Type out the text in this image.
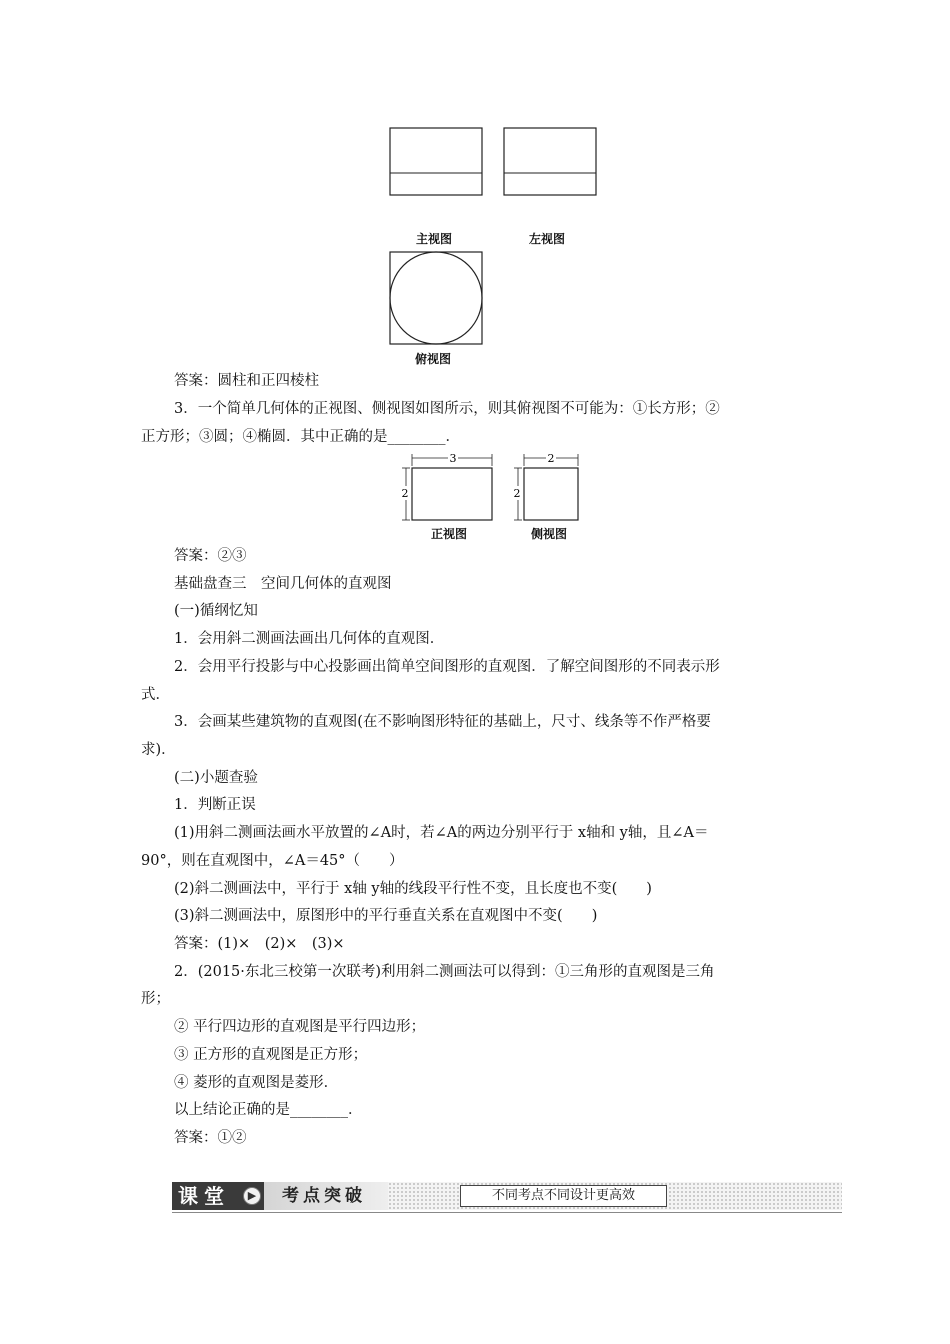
主视图	左视图
俯视图
答案：圆柱和正四棱柱
3．一个简单几何体的正视图、侧视图如图所示，则其俯视图不可能为：①长方形；②
正方形；③圆；④椭圆．其中正确的是________．
3
2
2
2
正视图	侧视图
答案：②③
基础盘查三　空间几何体的直观图
(一)循纲忆知
1．会用斜二测画法画出几何体的直观图．
2．会用平行投影与中心投影画出简单空间图形的直观图．了解空间图形的不同表示形
式．
3．会画某些建筑物的直观图(在不影响图形特征的基础上，尺寸、线条等不作严格要
求)．
(二)小题查验
1．判断正误
(1)用斜二测画法画水平放置的∠A时，若∠A的两边分别平行于 x轴和 y轴，且∠A＝
90°，则在直观图中，∠A＝45°（　　）
(2)斜二测画法中，平行于 x轴 y轴的线段平行性不变，且长度也不变(　　)
(3)斜二测画法中，原图形中的平行垂直关系在直观图中不变(　　)
答案：(1)×　(2)×　(3)×
2．(2015·东北三校第一次联考)利用斜二测画法可以得到：①三角形的直观图是三角
形；
② 平行四边形的直观图是平行四边形；
③ 正方形的直观图是正方形；
④ 菱形的直观图是菱形．
以上结论正确的是________．
答案：①②
课堂	考点突破
▶	不同考点不同设计更高效
